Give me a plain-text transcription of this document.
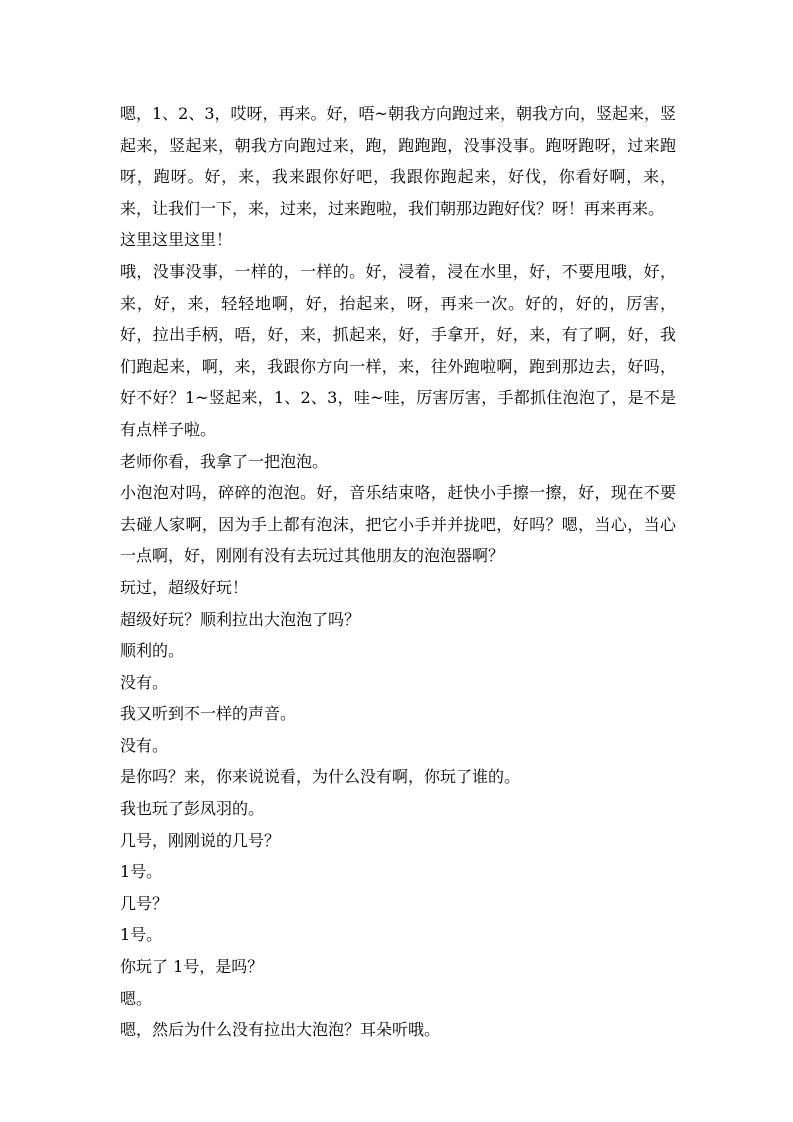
嗯，1、2、3，哎呀，再来。好，唔~朝我方向跑过来，朝我方向，竖起来，竖起来，竖起来，朝我方向跑过来，跑，跑跑跑，没事没事。跑呀跑呀，过来跑呀，跑呀。好，来，我来跟你好吧，我跟你跑起来，好伐，你看好啊，来，来，让我们一下，来，过来，过来跑啦，我们朝那边跑好伐？呀！再来再来。

这里这里这里！

哦，没事没事，一样的，一样的。好，浸着，浸在水里，好，不要甩哦，好，来，好，来，轻轻地啊，好，抬起来，呀，再来一次。好的，好的，厉害，好，拉出手柄，唔，好，来，抓起来，好，手拿开，好，来，有了啊，好，我们跑起来，啊，来，我跟你方向一样，来，往外跑啦啊，跑到那边去，好吗，好不好？1~竖起来，1、2、3，哇~哇，厉害厉害，手都抓住泡泡了，是不是有点样子啦。

老师你看，我拿了一把泡泡。

小泡泡对吗，碎碎的泡泡。好，音乐结束咯，赶快小手擦一擦，好，现在不要去碰人家啊，因为手上都有泡沫，把它小手并并拢吧，好吗？嗯，当心，当心一点啊，好，刚刚有没有去玩过其他朋友的泡泡器啊？

玩过，超级好玩！

超级好玩？顺利拉出大泡泡了吗？

顺利的。

没有。

我又听到不一样的声音。

没有。

是你吗？来，你来说说看，为什么没有啊，你玩了谁的。

我也玩了彭凤羽的。

几号，刚刚说的几号？

1号。

几号？

1号。

你玩了 1号，是吗？

嗯。

嗯，然后为什么没有拉出大泡泡？耳朵听哦。
